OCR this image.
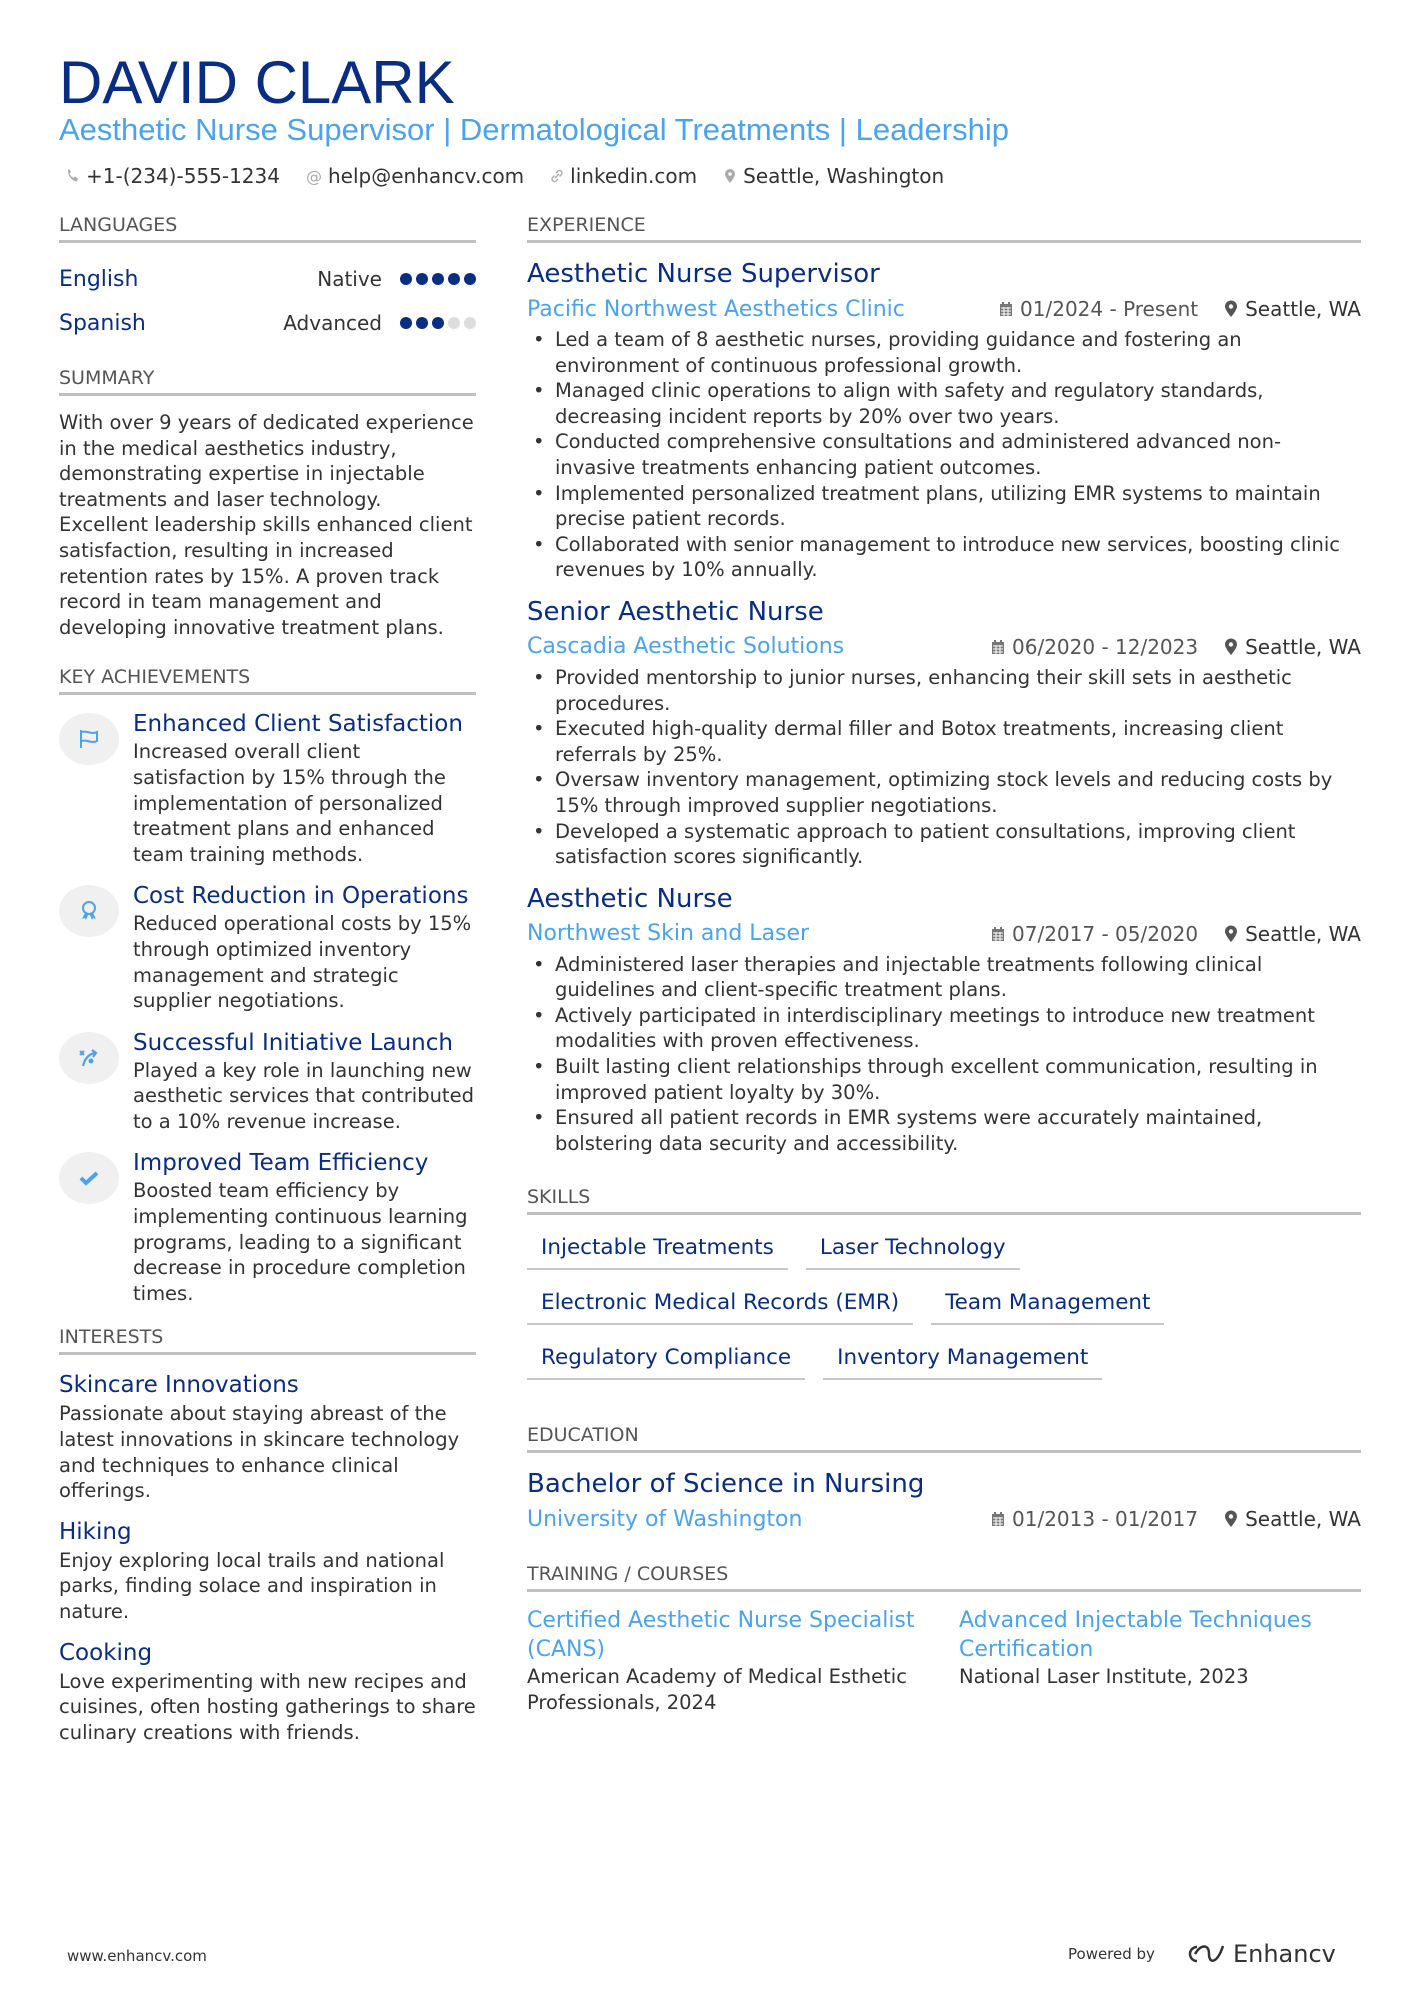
DAVID CLARK
Aesthetic Nurse Supervisor | Dermatological Treatments | Leadership
+1-(234)-555-1234 @ help@enhancv.com linkedin.com Seattle, Washington
LANGUAGES
English	Native
Spanish	Advanced
SUMMARY
With over 9 years of dedicated experience in the medical aesthetics industry, demonstrating expertise in injectable treatments and laser technology. Excellent leadership skills enhanced client satisfaction, resulting in increased retention rates by 15%. A proven track record in team management and developing innovative treatment plans.
KEY ACHIEVEMENTS
Enhanced Client Satisfaction
Increased overall client satisfaction by 15% through the implementation of personalized treatment plans and enhanced team training methods.
Cost Reduction in Operations
Reduced operational costs by 15% through optimized inventory management and strategic supplier negotiations.
Successful Initiative Launch
Played a key role in launching new aesthetic services that contributed to a 10% revenue increase.
Improved Team Efficiency
Boosted team efficiency by implementing continuous learning programs, leading to a significant decrease in procedure completion times.
INTERESTS
Skincare Innovations
Passionate about staying abreast of the latest innovations in skincare technology and techniques to enhance clinical offerings.
Hiking
Enjoy exploring local trails and national parks, finding solace and inspiration in nature.
Cooking
Love experimenting with new recipes and cuisines, often hosting gatherings to share culinary creations with friends.
EXPERIENCE
Aesthetic Nurse Supervisor
Pacific Northwest Aesthetics Clinic	01/2024 - Present Seattle, WA
• Led a team of 8 aesthetic nurses, providing guidance and fostering an environment of continuous professional growth.
• Managed clinic operations to align with safety and regulatory standards, decreasing incident reports by 20% over two years.
• Conducted comprehensive consultations and administered advanced non-invasive treatments enhancing patient outcomes.
• Implemented personalized treatment plans, utilizing EMR systems to maintain precise patient records.
• Collaborated with senior management to introduce new services, boosting clinic revenues by 10% annually.
Senior Aesthetic Nurse
Cascadia Aesthetic Solutions	06/2020 - 12/2023 Seattle, WA
• Provided mentorship to junior nurses, enhancing their skill sets in aesthetic procedures.
• Executed high-quality dermal filler and Botox treatments, increasing client referrals by 25%.
• Oversaw inventory management, optimizing stock levels and reducing costs by 15% through improved supplier negotiations.
• Developed a systematic approach to patient consultations, improving client satisfaction scores significantly.
Aesthetic Nurse
Northwest Skin and Laser	07/2017 - 05/2020 Seattle, WA
• Administered laser therapies and injectable treatments following clinical guidelines and client-specific treatment plans.
• Actively participated in interdisciplinary meetings to introduce new treatment modalities with proven effectiveness.
• Built lasting client relationships through excellent communication, resulting in improved patient loyalty by 30%.
• Ensured all patient records in EMR systems were accurately maintained, bolstering data security and accessibility.
SKILLS
Injectable Treatments	Laser Technology
Electronic Medical Records (EMR)	Team Management
Regulatory Compliance	Inventory Management
EDUCATION
Bachelor of Science in Nursing
University of Washington	01/2013 - 01/2017 Seattle, WA
TRAINING / COURSES
Certified Aesthetic Nurse Specialist (CANS)
American Academy of Medical Esthetic Professionals, 2024
Advanced Injectable Techniques Certification
National Laser Institute, 2023
www.enhancv.com	Powered by	Enhancv
